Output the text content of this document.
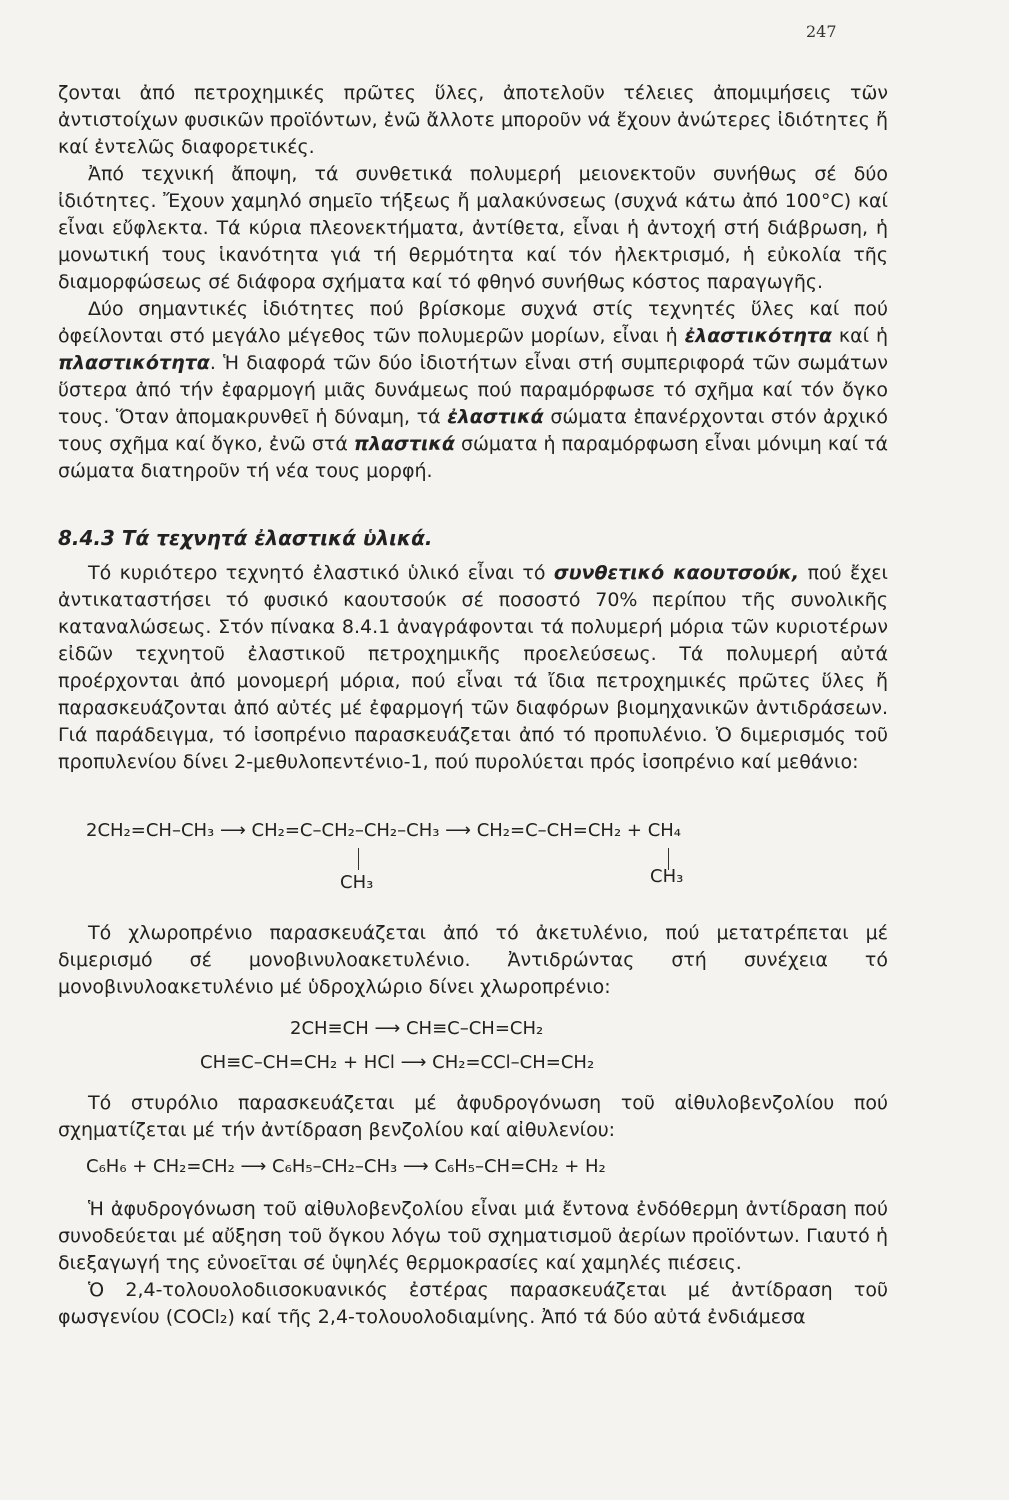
247

ζονται ἀπό πετροχημικές πρῶτες ὕλες, ἀποτελοῦν τέλειες ἀπομιμήσεις τῶν ἀντιστοίχων φυσικῶν προϊόντων, ἐνῶ ἄλλοτε μποροῦν νά ἔχουν ἀνώτερες ἰδιότητες ἤ καί ἐντελῶς διαφορετικές.

Ἀπό τεχνική ἄποψη, τά συνθετικά πολυμερή μειονεκτοῦν συνήθως σέ δύο ἰδιότητες. Ἔχουν χαμηλό σημεῖο τήξεως ἤ μαλακύνσεως (συχνά κάτω ἀπό 100°C) καί εἶναι εὔφλεκτα. Τά κύρια πλεονεκτήματα, ἀντίθετα, εἶναι ἡ ἀντοχή στή διάβρωση, ἡ μονωτική τους ἱκανότητα γιά τή θερμότητα καί τόν ἠλεκτρισμό, ἡ εὐκολία τῆς διαμορφώσεως σέ διάφορα σχήματα καί τό φθηνό συνήθως κόστος παραγωγῆς.

Δύο σημαντικές ἰδιότητες πού βρίσκομε συχνά στίς τεχνητές ὕλες καί πού ὀφείλονται στό μεγάλο μέγεθος τῶν πολυμερῶν μορίων, εἶναι ἡ ἐλαστικότητα καί ἡ πλαστικότητα. Ἡ διαφορά τῶν δύο ἰδιοτήτων εἶναι στή συμπεριφορά τῶν σωμάτων ὕστερα ἀπό τήν ἐφαρμογή μιᾶς δυνάμεως πού παραμόρφωσε τό σχῆμα καί τόν ὄγκο τους. Ὅταν ἀπομακρυνθεῖ ἡ δύναμη, τά ἐλαστικά σώματα ἐπανέρχονται στόν ἀρχικό τους σχῆμα καί ὄγκο, ἐνῶ στά πλαστικά σώματα ἡ παραμόρφωση εἶναι μόνιμη καί τά σώματα διατηροῦν τή νέα τους μορφή.

8.4.3 Τά τεχνητά ἐλαστικά ὑλικά.

Τό κυριότερο τεχνητό ἐλαστικό ὑλικό εἶναι τό συνθετικό καουτσούκ, πού ἔχει ἀντικαταστήσει τό φυσικό καουτσούκ σέ ποσοστό 70% περίπου τῆς συνολικῆς καταναλώσεως. Στόν πίνακα 8.4.1 ἀναγράφονται τά πολυμερή μόρια τῶν κυριοτέρων εἰδῶν τεχνητοῦ ἐλαστικοῦ πετροχημικῆς προελεύσεως. Τά πολυμερή αὐτά προέρχονται ἀπό μονομερή μόρια, πού εἶναι τά ἴδια πετροχημικές πρῶτες ὕλες ἤ παρασκευάζονται ἀπό αὐτές μέ ἐφαρμογή τῶν διαφόρων βιομηχανικῶν ἀντιδράσεων. Γιά παράδειγμα, τό ἰσοπρένιο παρασκευάζεται ἀπό τό προπυλένιο. Ὁ διμερισμός τοῦ προπυλενίου δίνει 2-μεθυλοπεντένιο-1, πού πυρολύεται πρός ἰσοπρένιο καί μεθάνιο:

2CH₂=CH–CH₃ ⟶ CH₂=C–CH₂–CH₂–CH₃ ⟶ CH₂=C–CH=CH₂ + CH₄
CH₃	CH₃

Τό χλωροπρένιο παρασκευάζεται ἀπό τό ἀκετυλένιο, πού μετατρέπεται μέ διμερισμό σέ μονοβινυλοακετυλένιο. Ἀντιδρώντας στή συνέχεια τό μονοβινυλοακετυλένιο μέ ὑδροχλώριο δίνει χλωροπρένιο:

2CH≡CH ⟶ CH≡C–CH=CH₂
CH≡C–CH=CH₂ + HCl ⟶ CH₂=CCl–CH=CH₂

Τό στυρόλιο παρασκευάζεται μέ ἀφυδρογόνωση τοῦ αἰθυλοβενζολίου πού σχηματίζεται μέ τήν ἀντίδραση βενζολίου καί αἰθυλενίου:

C₆H₆ + CH₂=CH₂ ⟶ C₆H₅–CH₂–CH₃ ⟶ C₆H₅–CH=CH₂ + H₂

Ἡ ἀφυδρογόνωση τοῦ αἰθυλοβενζολίου εἶναι μιά ἔντονα ἐνδόθερμη ἀντίδραση πού συνοδεύεται μέ αὔξηση τοῦ ὄγκου λόγω τοῦ σχηματισμοῦ ἀερίων προϊόντων. Γιαυτό ἡ διεξαγωγή της εὐνοεῖται σέ ὑψηλές θερμοκρασίες καί χαμηλές πιέσεις.

Ὁ 2,4-τολουολοδιισοκυανικός ἐστέρας παρασκευάζεται μέ ἀντίδραση τοῦ φωσγενίου (COCl₂) καί τῆς 2,4-τολουολοδιαμίνης. Ἀπό τά δύο αὐτά ἐνδιάμεσα
